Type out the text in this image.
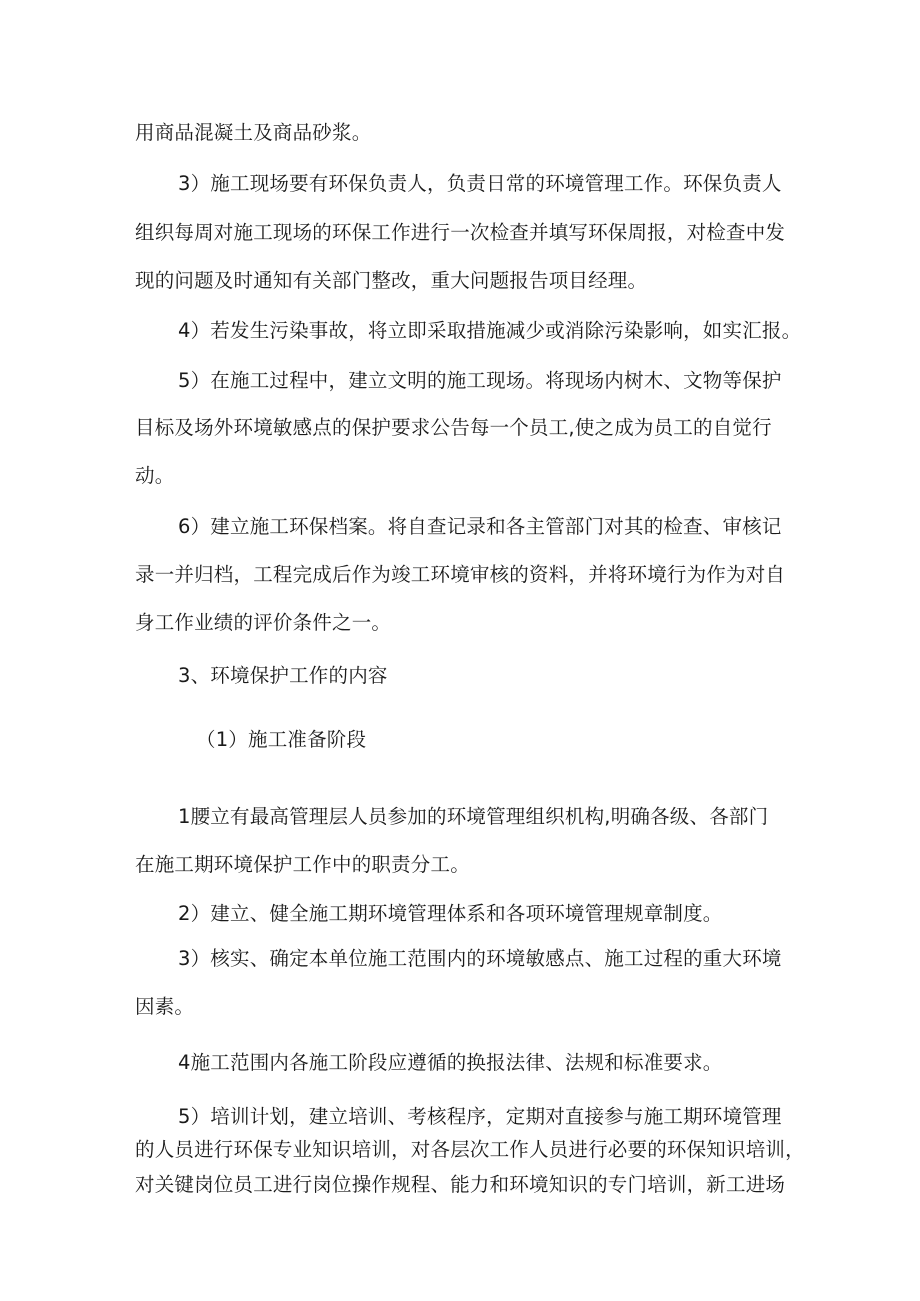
用商品混凝土及商品砂浆。
3）施工现场要有环保负责人，负责日常的环境管理工作。环保负责人
组织每周对施工现场的环保工作进行一次检查并填写环保周报，对检查中发
现的问题及时通知有关部门整改，重大问题报告项目经理。
4）若发生污染事故，将立即采取措施减少或消除污染影响，如实汇报。
5）在施工过程中，建立文明的施工现场。将现场内树木、文物等保护
目标及场外环境敏感点的保护要求公告每一个员工,使之成为员工的自觉行
动。
6）建立施工环保档案。将自查记录和各主管部门对其的检查、审核记
录一并归档，工程完成后作为竣工环境审核的资料，并将环境行为作为对自
身工作业绩的评价条件之一。
3、环境保护工作的内容
（1）施工准备阶段
1腰立有最高管理层人员参加的环境管理组织机构,明确各级、各部门
在施工期环境保护工作中的职责分工。
2）建立、健全施工期环境管理体系和各项环境管理规章制度。
3）核实、确定本单位施工范围内的环境敏感点、施工过程的重大环境
因素。
4施工范围内各施工阶段应遵循的换报法律、法规和标准要求。
5）培训计划，建立培训、考核程序，定期对直接参与施工期环境管理
的人员进行环保专业知识培训，对各层次工作人员进行必要的环保知识培训，
对关键岗位员工进行岗位操作规程、能力和环境知识的专门培训，新工进场
